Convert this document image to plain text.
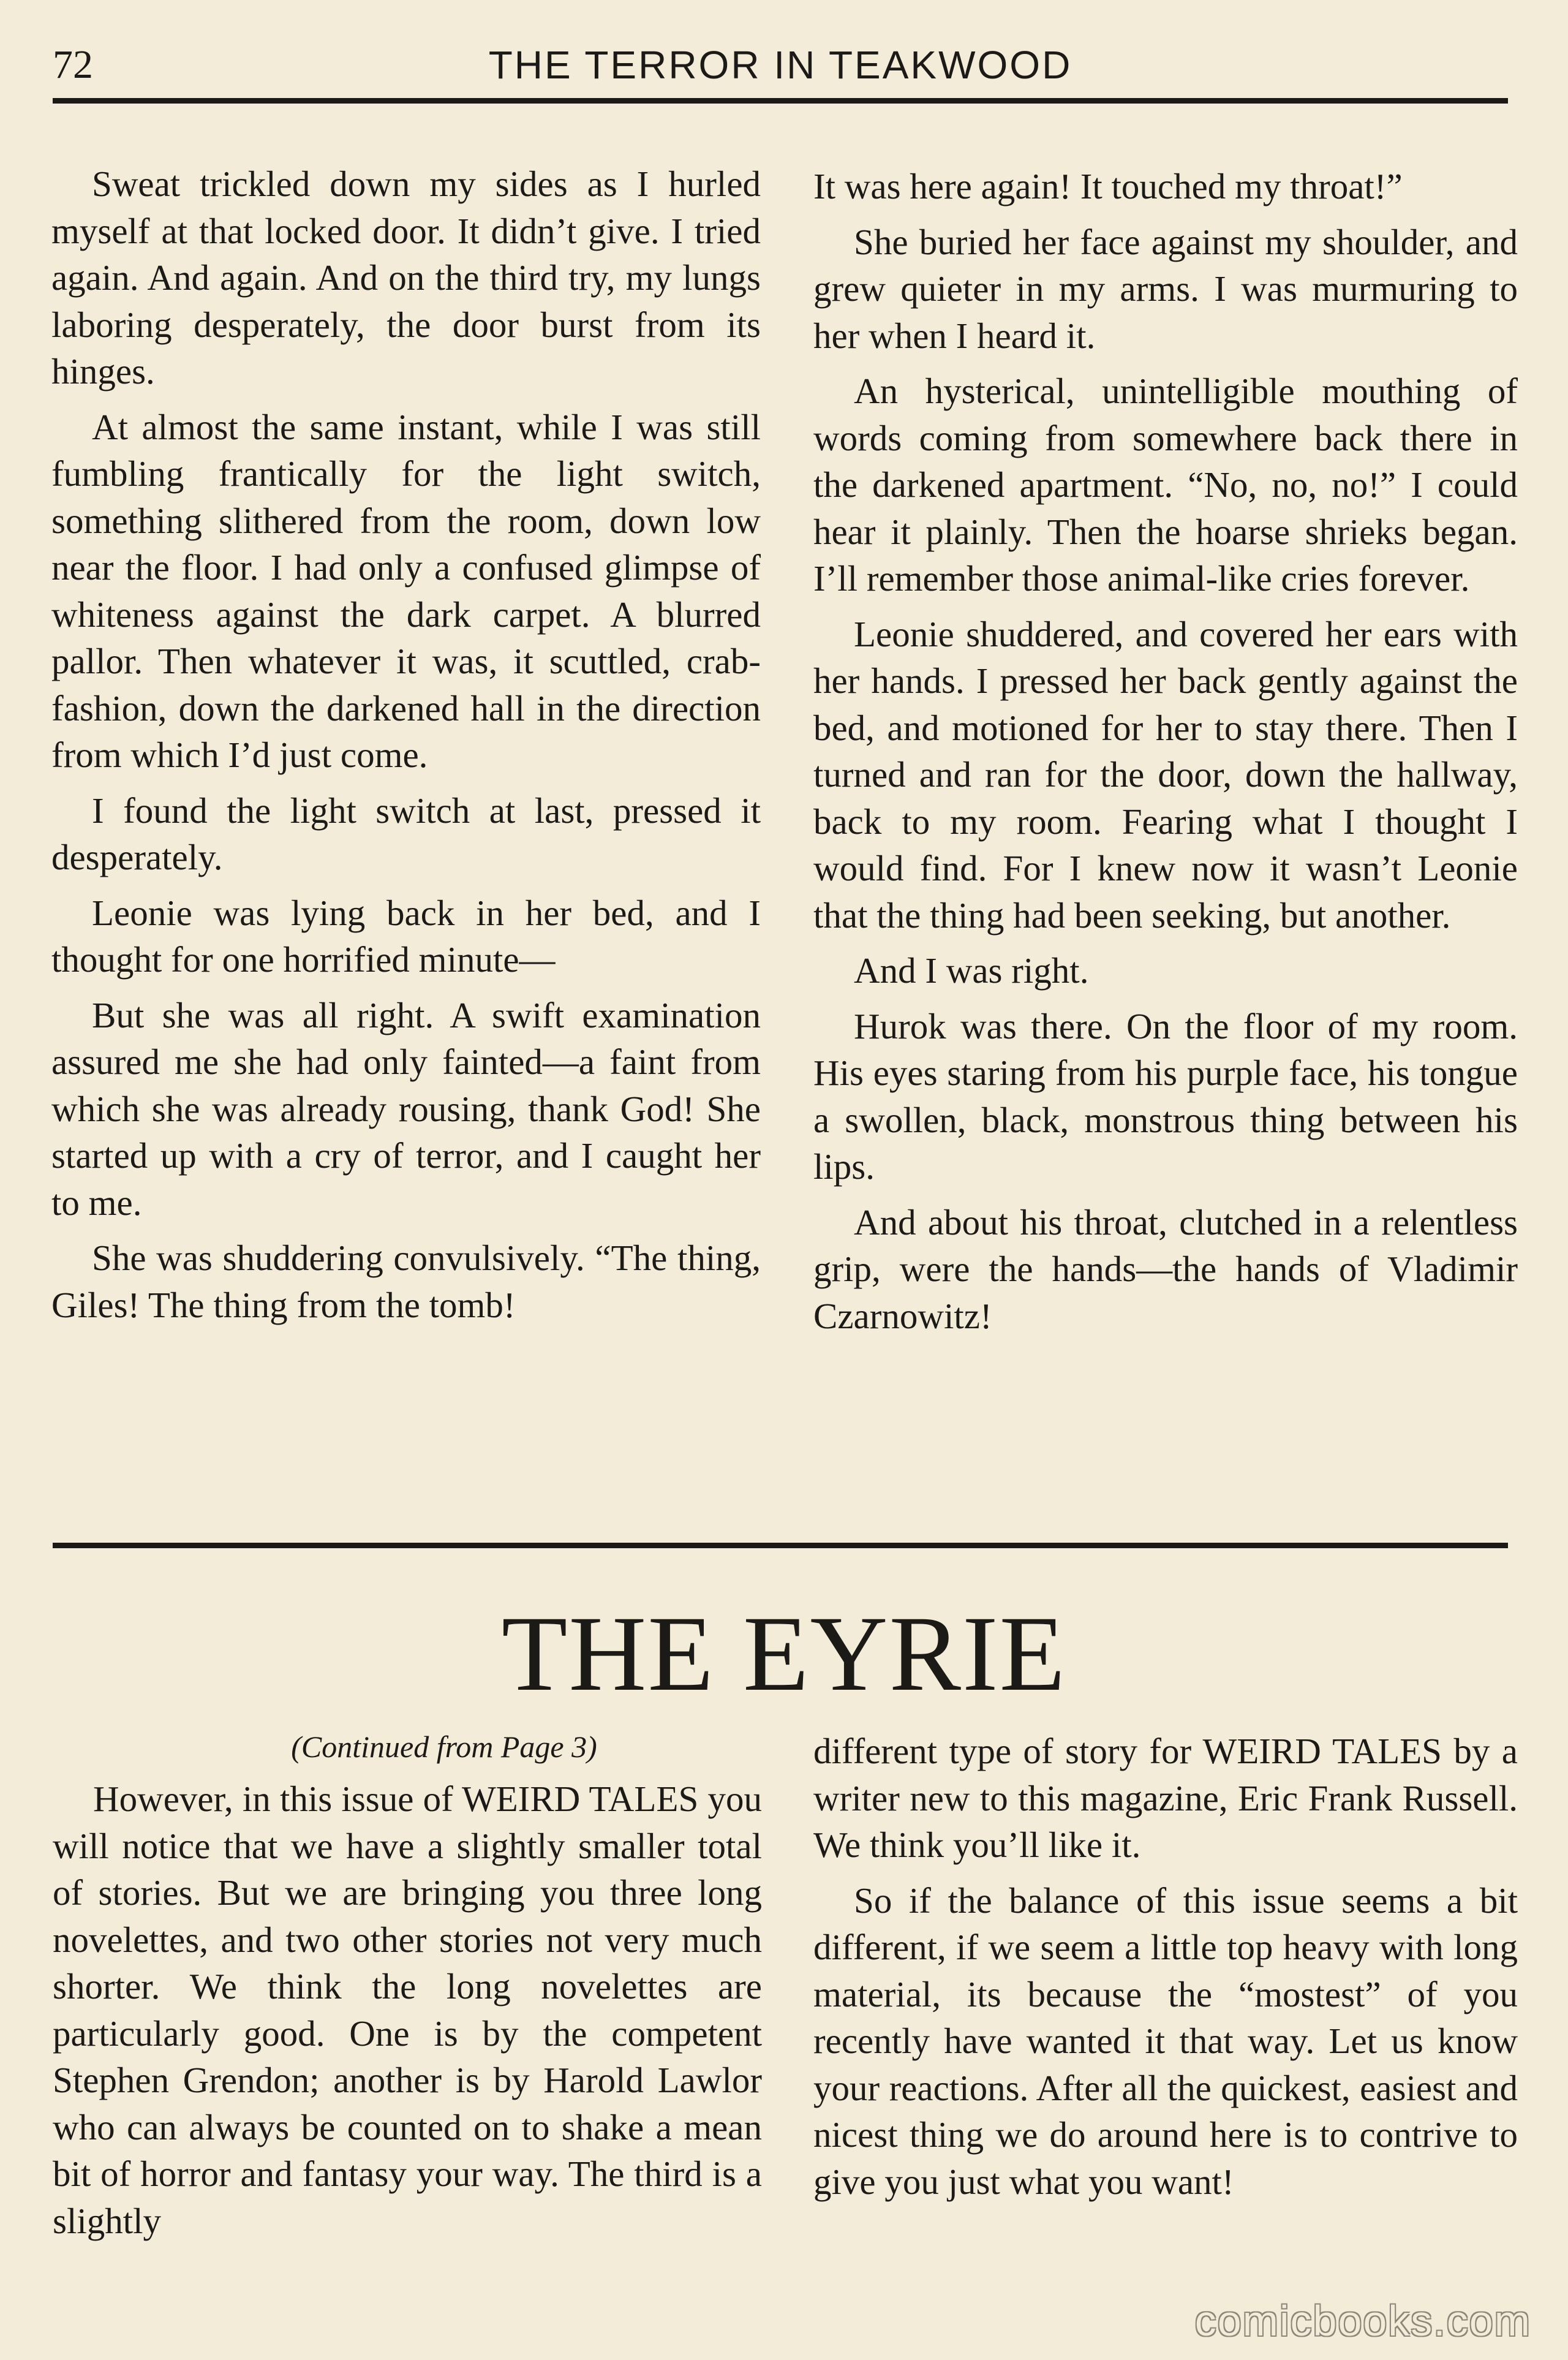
72	THE TERROR IN TEAKWOOD

Sweat trickled down my sides as I hurled myself at that locked door. It didn’t give. I tried again. And again. And on the third try, my lungs laboring desperately, the door burst from its hinges.

At almost the same instant, while I was still fumbling frantically for the light switch, something slithered from the room, down low near the floor. I had only a confused glimpse of whiteness against the dark carpet. A blurred pallor. Then whatever it was, it scuttled, crab-fashion, down the darkened hall in the direction from which I’d just come.

I found the light switch at last, pressed it desperately.

Leonie was lying back in her bed, and I thought for one horrified minute—

But she was all right. A swift examination assured me she had only fainted—a faint from which she was already rousing, thank God! She started up with a cry of terror, and I caught her to me.

She was shuddering convulsively. “The thing, Giles! The thing from the tomb!

It was here again! It touched my throat!”

She buried her face against my shoulder, and grew quieter in my arms. I was murmuring to her when I heard it.

An hysterical, unintelligible mouthing of words coming from somewhere back there in the darkened apartment. “No, no, no!” I could hear it plainly. Then the hoarse shrieks began. I’ll remember those animal-like cries forever.

Leonie shuddered, and covered her ears with her hands. I pressed her back gently against the bed, and motioned for her to stay there. Then I turned and ran for the door, down the hallway, back to my room. Fearing what I thought I would find. For I knew now it wasn’t Leonie that the thing had been seeking, but another.

And I was right.

Hurok was there. On the floor of my room. His eyes staring from his purple face, his tongue a swollen, black, monstrous thing between his lips.

And about his throat, clutched in a relentless grip, were the hands—the hands of Vladimir Czarnowitz!

THE EYRIE
(Continued from Page 3)

However, in this issue of WEIRD TALES you will notice that we have a slightly smaller total of stories. But we are bringing you three long novelettes, and two other stories not very much shorter. We think the long novelettes are particularly good. One is by the competent Stephen Grendon; another is by Harold Lawlor who can always be counted on to shake a mean bit of horror and fantasy your way. The third is a slightly

different type of story for WEIRD TALES by a writer new to this magazine, Eric Frank Russell. We think you’ll like it.

So if the balance of this issue seems a bit different, if we seem a little top heavy with long material, its because the “mostest” of you recently have wanted it that way. Let us know your reactions. After all the quickest, easiest and nicest thing we do around here is to contrive to give you just what you want!

comicbooks.com
